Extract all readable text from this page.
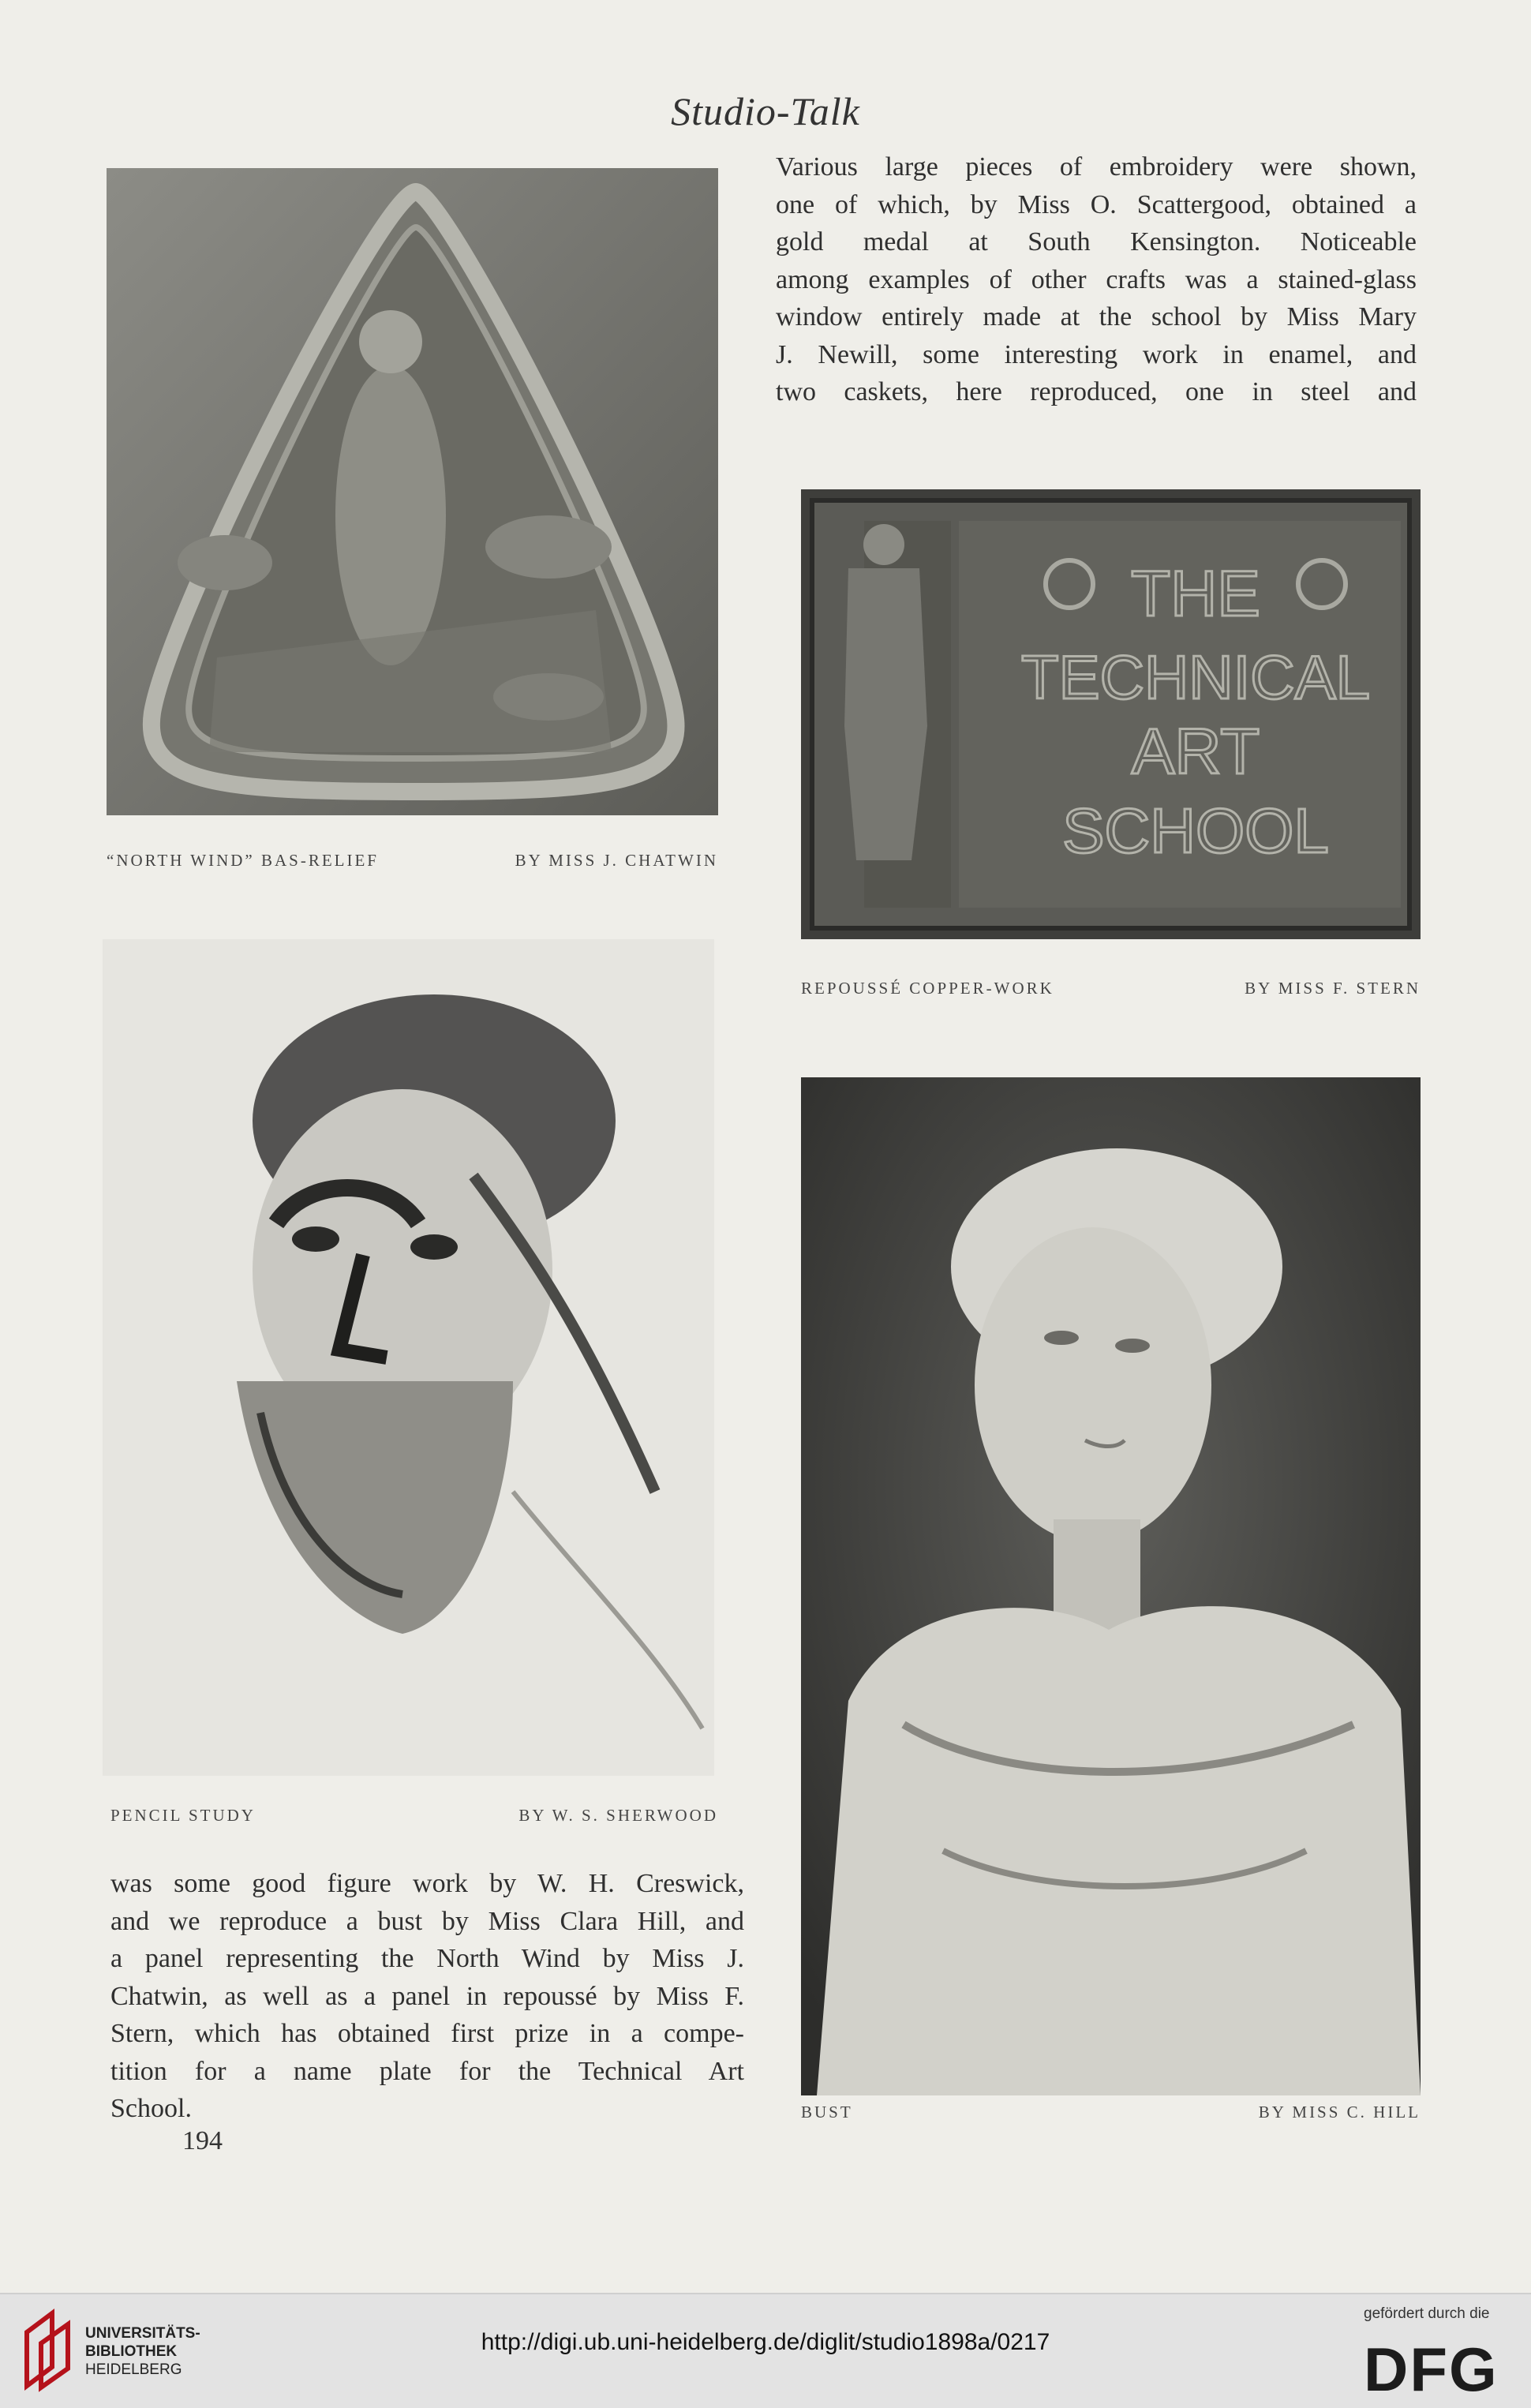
Studio-Talk
Various large pieces of embroidery were shown,
one of which, by Miss O. Scattergood, obtained a
gold medal at South Kensington. Noticeable
among examples of other crafts was a stained-glass
window entirely made at the school by Miss Mary
J. Newill, some interesting work in enamel, and
two caskets, here reproduced, one in steel and
“NORTH WIND” BAS-RELIEF	BY MISS J. CHATWIN
THE
TECHNICAL
ART
SCHOOL
REPOUSSÉ COPPER-WORK	BY MISS F. STERN
PENCIL STUDY	BY W. S. SHERWOOD
BUST	BY MISS C. HILL
was some good figure work by W. H. Creswick,
and we reproduce a bust by Miss Clara Hill, and
a panel representing the North Wind by Miss J.
Chatwin, as well as a panel in repoussé by Miss F.
Stern, which has obtained first prize in a compe-
tition for a name plate for the Technical Art
School.
194
UNIVERSITÄTS-
BIBLIOTHEK
HEIDELBERG
http://digi.ub.uni-heidelberg.de/diglit/studio1898a/0217
gefördert durch die
DFG
